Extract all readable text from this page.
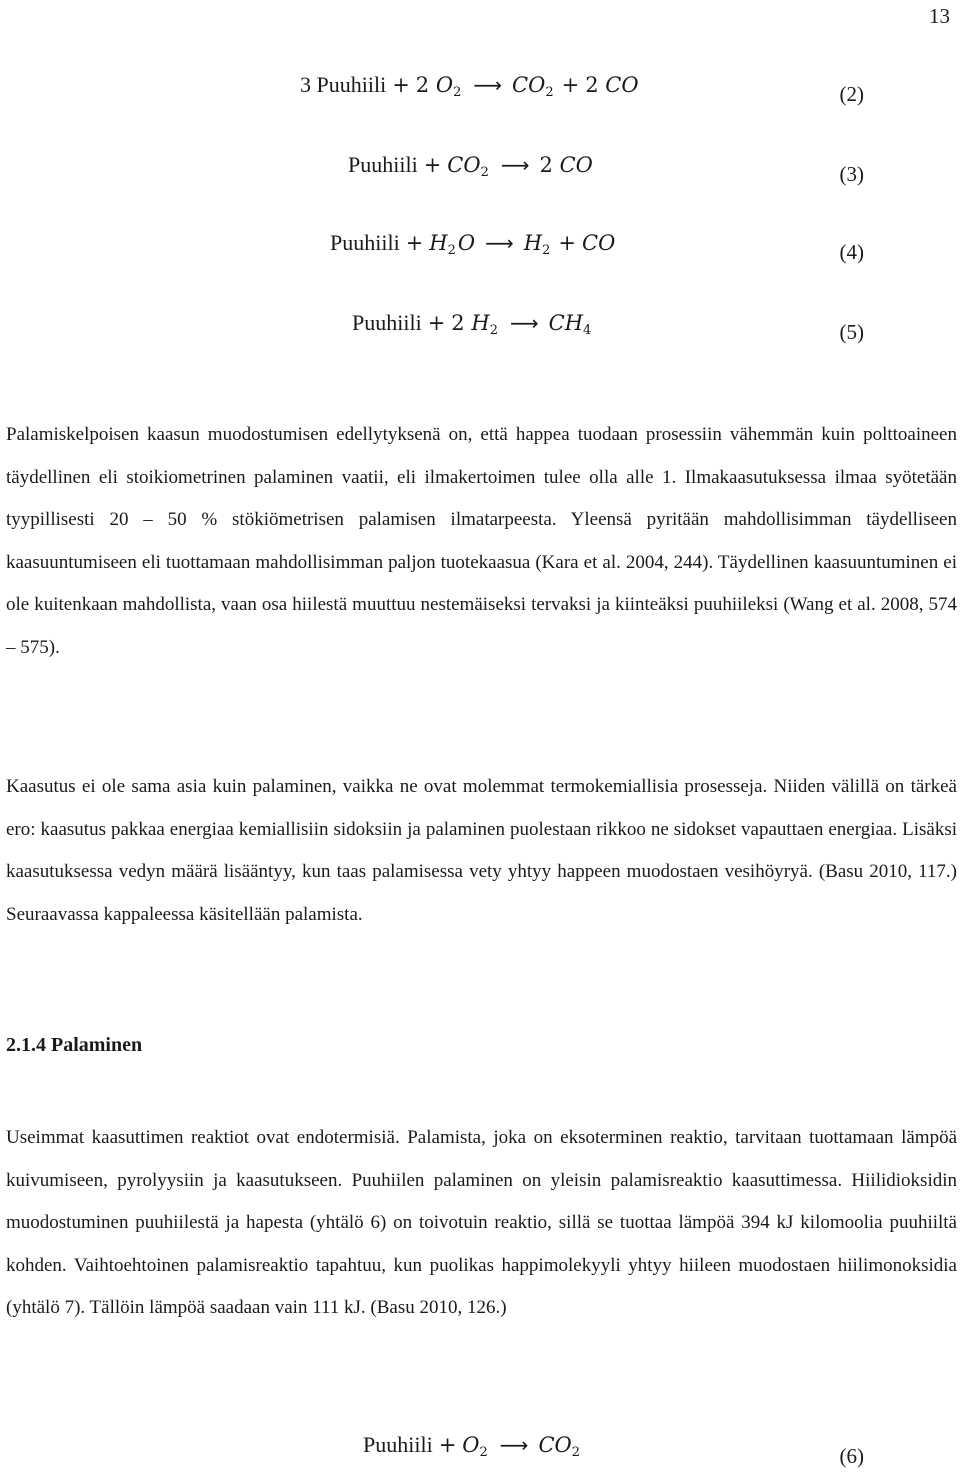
13
3 Puuhiili + 2 $O_2$ ⟶ $CO_2 + 2$ CO	(2)
Puuhiili + $CO_2$ ⟶ 2 CO	(3)
Puuhiili + $H_2O$ ⟶ $H_2$ + CO	(4)
Puuhiili + 2 $H_2$ ⟶ $CH_4$	(5)

Palamiskelpoisen kaasun muodostumisen edellytyksenä on, että happea tuodaan prosessiin vähemmän kuin polttoaineen täydellinen eli stoikiometrinen palaminen vaatii, eli ilmakertoimen tulee olla alle 1. Ilmakaasutuksessa ilmaa syötetään tyypillisesti 20 – 50 % stökiömetrisen palamisen ilmatarpeesta. Yleensä pyritään mahdollisimman täydelliseen kaasuuntumiseen eli tuottamaan mahdollisimman paljon tuotekaasua (Kara et al. 2004, 244). Täydellinen kaasuuntuminen ei ole kuitenkaan mahdollista, vaan osa hiilestä muuttuu nestemäiseksi tervaksi ja kiinteäksi puuhiileksi (Wang et al. 2008, 574 – 575).

Kaasutus ei ole sama asia kuin palaminen, vaikka ne ovat molemmat termokemiallisia prosesseja. Niiden välillä on tärkeä ero: kaasutus pakkaa energiaa kemiallisiin sidoksiin ja palaminen puolestaan rikkoo ne sidokset vapauttaen energiaa. Lisäksi kaasutuksessa vedyn määrä lisääntyy, kun taas palamisessa vety yhtyy happeen muodostaen vesihöyryä. (Basu 2010, 117.) Seuraavassa kappaleessa käsitellään palamista.

2.1.4 Palaminen

Useimmat kaasuttimen reaktiot ovat endotermisiä. Palamista, joka on eksoterminen reaktio, tarvitaan tuottamaan lämpöä kuivumiseen, pyrolyysiin ja kaasutukseen. Puuhiilen palaminen on yleisin palamisreaktio kaasuttimessa. Hiilidioksidin muodostuminen puuhiilestä ja hapesta (yhtälö 6) on toivotuin reaktio, sillä se tuottaa lämpöä 394 kJ kilomoolia puuhiiltä kohden. Vaihtoehtoinen palamisreaktio tapahtuu, kun puolikas happimolekyyli yhtyy hiileen muodostaen hiilimonoksidia (yhtälö 7). Tällöin lämpöä saadaan vain 111 kJ. (Basu 2010, 126.)

Puuhiili + $O_2$ ⟶ $CO_2$	(6)
